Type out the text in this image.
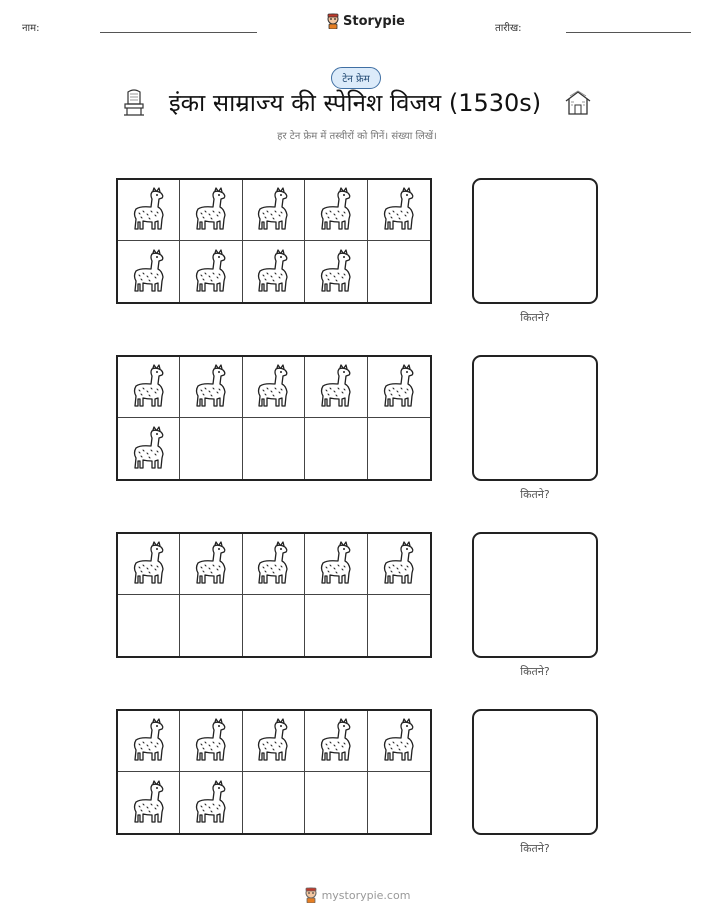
नाम:	Storypie	तारीख:
टेन फ्रेम
इंका साम्राज्य की स्पेनिश विजय (1530s)
हर टेन फ्रेम में तस्वीरों को गिनें। संख्या लिखें।
कितने?
कितने?
कितने?
कितने?
mystorypie.com
